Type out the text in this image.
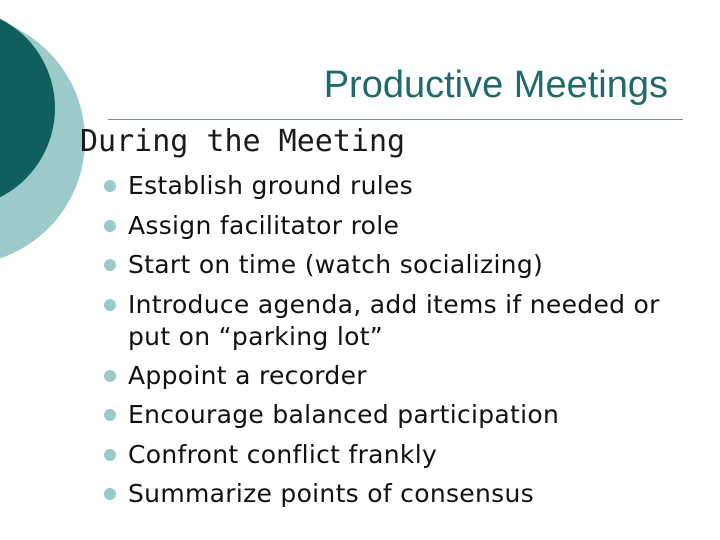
Productive Meetings
During the Meeting
Establish ground rules
Assign facilitator role
Start on time (watch socializing)
Introduce agenda, add items if needed or put on “parking lot”
Appoint a recorder
Encourage balanced participation
Confront conflict frankly
Summarize points of consensus
